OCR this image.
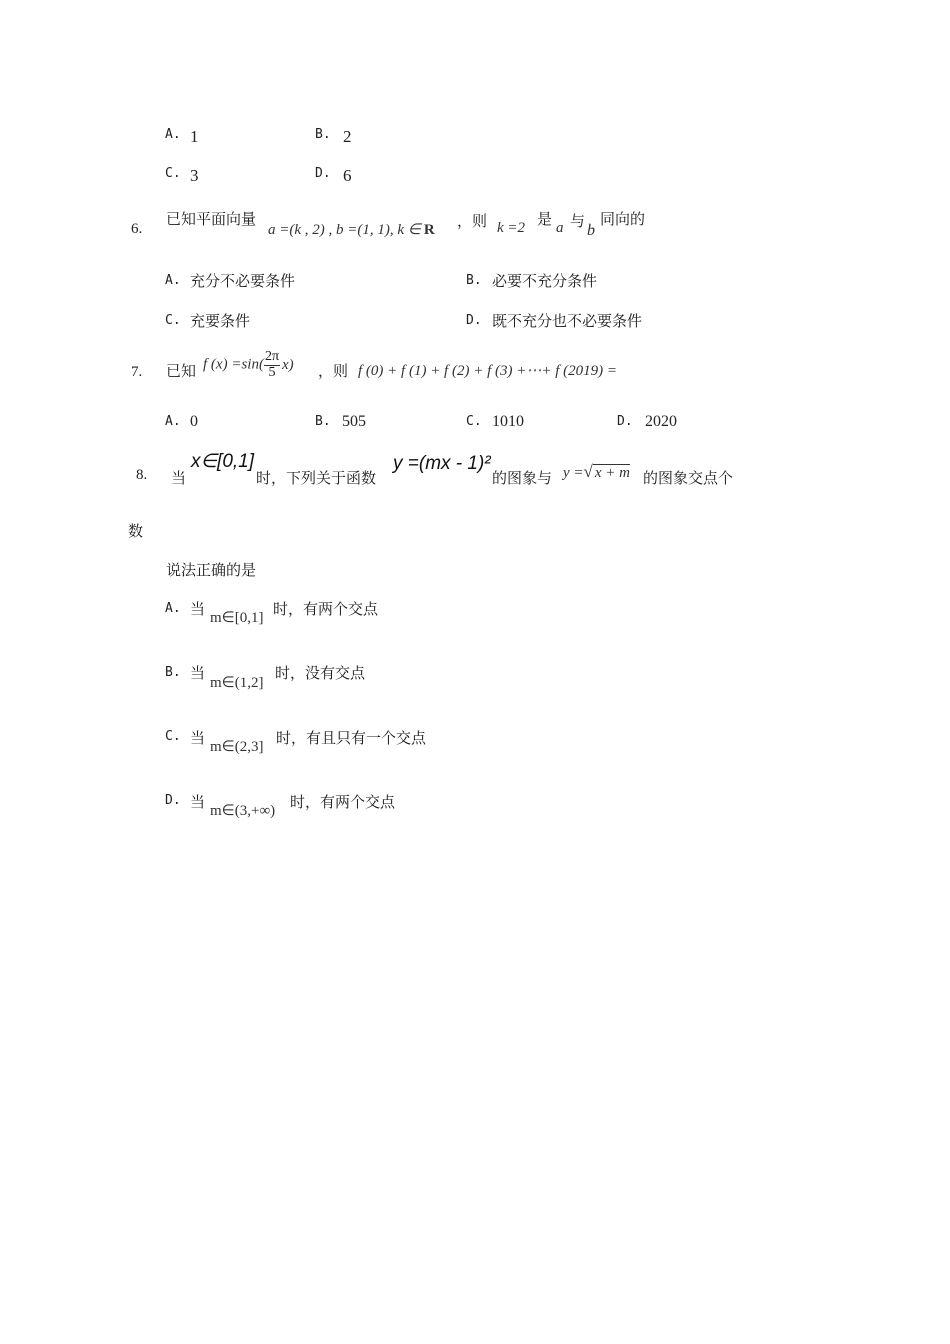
A. 1	B. 2
C. 3	D. 6
6.
已知平面向量
a =(k , 2) , b =(1, 1), k ∈ R ，则 k =2 是 a 与
b
同向的
A. 充分不必要条件	B. 必要不充分条件
C. 充要条件	D. 既不充分也不必要条件
7. 已知 f $(x) =\sin( \frac{2\pi}{5} x)$ ，则 f (0) + f (1) + f (2) + f (3) +⋯+ f (2019) =
A. 0	B. 505	C. 1010	D. 2020
8. 当
x∈[0,1]
时，下列关于函数
y =(mx - 1)²
的图象与 y =√ x + m 的图象交点个
数
说法正确的是
A. 当 m∈[0,1] 时，有两个交点
B. 当
m∈(1,2]
时，没有交点
C. 当 m∈(2,3] 时，有且只有一个交点
D. 当 m∈(3,+∞) 时，有两个交点
